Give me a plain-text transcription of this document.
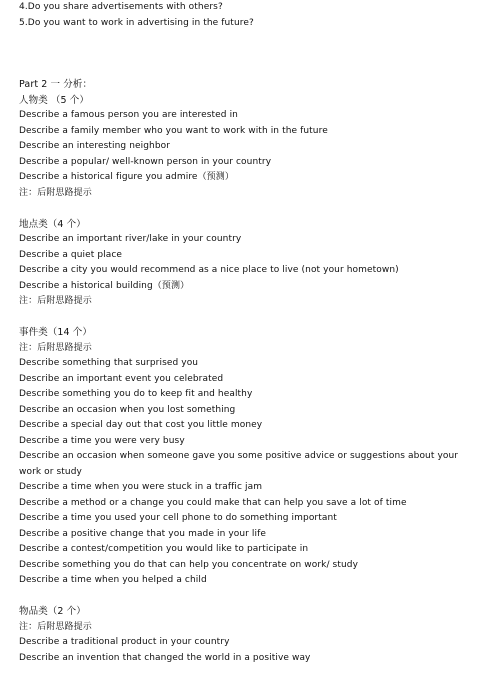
4.Do you share advertisements with others?
5.Do you want to work in advertising in the future?
Part 2 一 分析：
人物类 （5 个）
Describe a famous person you are interested in
Describe a family member who you want to work with in the future
Describe an interesting neighbor
Describe a popular/ well-known person in your country
Describe a historical figure you admire（预测）
注：后附思路提示
地点类（4 个）
Describe an important river/lake in your country
Describe a quiet place
Describe a city you would recommend as a nice place to live (not your hometown)
Describe a historical building（预测）
注：后附思路提示
事件类（14 个）
注：后附思路提示
Describe something that surprised you
Describe an important event you celebrated
Describe something you do to keep fit and healthy
Describe an occasion when you lost something
Describe a special day out that cost you little money
Describe a time you were very busy
Describe an occasion when someone gave you some positive advice or suggestions about your work or study
Describe a time when you were stuck in a traffic jam
Describe a method or a change you could make that can help you save a lot of time
Describe a time you used your cell phone to do something important
Describe a positive change that you made in your life
Describe a contest/competition you would like to participate in
Describe something you do that can help you concentrate on work/ study
Describe a time when you helped a child
物品类（2 个）
注：后附思路提示
Describe a traditional product in your country
Describe an invention that changed the world in a positive way
